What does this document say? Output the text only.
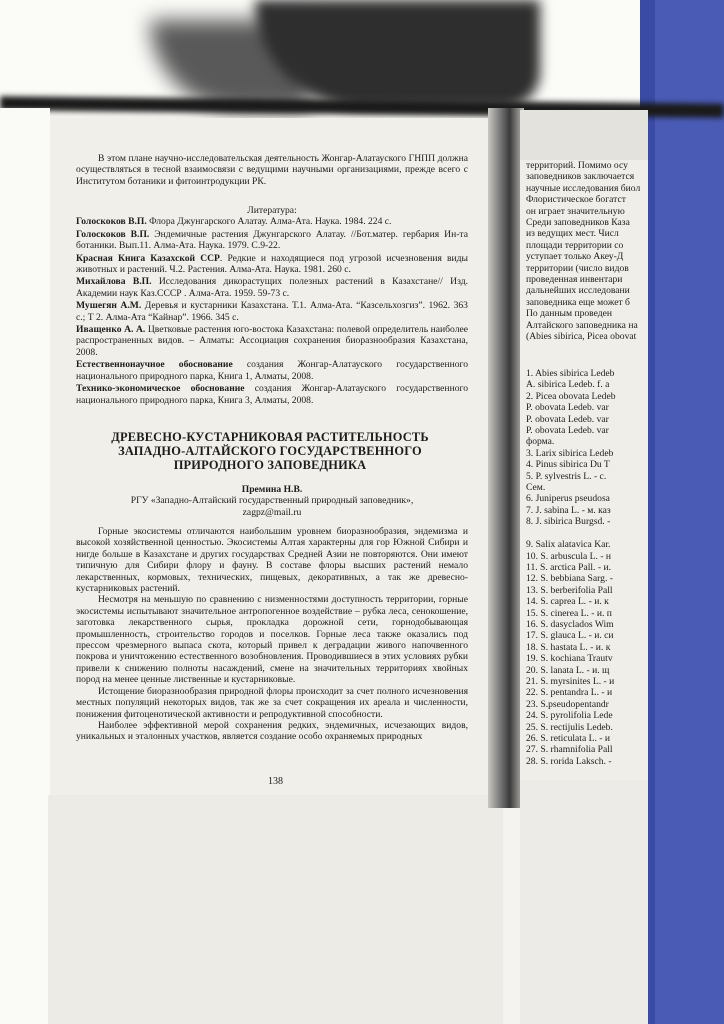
В этом плане научно-исследовательская деятельность Жонгар-Алатауского ГНПП должна осуществляться в тесной взаимосвязи с ведущими научными организациями, прежде всего с Институтом ботаники и фитоинтродукции РК.

Литература:

Голоскоков В.П. Флора Джунгарского Алатау. Алма-Ата. Наука. 1984. 224 с.

Голоскоков В.П. Эндемичные растения Джунгарского Алатау. //Бот.матер. гербария Ин-та ботаники. Вып.11. Алма-Ата. Наука. 1979. С.9-22.

Красная Книга Казахской ССР. Редкие и находящиеся под угрозой исчезновения виды животных и растений. Ч.2. Растения. Алма-Ата. Наука. 1981. 260 с.

Михайлова В.П. Исследования дикорастущих полезных растений в Казахстане// Изд. Академии наук Каз.СССР . Алма-Ата. 1959. 59-73 с.

Мушегян А.М. Деревья и кустарники Казахстана. Т.1. Алма-Ата. “Казсельхозгиз”. 1962. 363 с.; Т 2. Алма-Ата “Кайнар”. 1966. 345 с.

Иващенко А. А. Цветковые растения юго-востока Казахстана: полевой определитель наиболее распространенных видов. – Алматы: Ассоциация сохранения биоразнообразия Казахстана, 2008.

Естественнонаучное обоснование создания Жонгар-Алатауского государственного национального природного парка, Книга 1, Алматы, 2008.

Технико-экономическое обоснование создания Жонгар-Алатауского государственного национального природного парка, Книга 3, Алматы, 2008.

ДРЕВЕСНО-КУСТАРНИКОВАЯ РАСТИТЕЛЬНОСТЬ ЗАПАДНО-АЛТАЙСКОГО ГОСУДАРСТВЕННОГО ПРИРОДНОГО ЗАПОВЕДНИКА

Премина Н.В.

РГУ «Западно-Алтайский государственный природный заповедник»,

zagpz@mail.ru

Горные экосистемы отличаются наибольшим уровнем биоразнообразия, эндемизма и высокой хозяйственной ценностью. Экосистемы Алтая характерны для гор Южной Сибири и нигде больше в Казахстане и других государствах Средней Азии не повторяются. Они имеют типичную для Сибири флору и фауну. В составе флоры высших растений немало лекарственных, кормовых, технических, пищевых, декоративных, а так же древесно-кустарниковых растений.

Несмотря на меньшую по сравнению с низменностями доступность территории, горные экосистемы испытывают значительное антропогенное воздействие – рубка леса, сенокошение, заготовка лекарственного сырья, прокладка дорожной сети, горнодобывающая промышленность, строительство городов и поселков. Горные леса также оказались под прессом чрезмерного выпаса скота, который привел к деградации живого напочвенного покрова и уничтожению естественного возобновления. Проводившиеся в этих условиях рубки привели к снижению полноты насаждений, смене на значительных территориях хвойных пород на менее ценные лиственные и кустарниковые.

Истощение биоразнообразия природной флоры происходит за счет полного исчезновения местных популяций некоторых видов, так же за счет сокращения их ареала и численности, понижения фитоценотической активности и репродуктивной способности.

Наиболее эффективной мерой сохранения редких, эндемичных, исчезающих видов, уникальных и эталонных участков, является создание особо охраняемых природных

138

территорий. Помимо осу

заповедников заключается

научные исследования биол

Флористическое богатст

он играет значительную

Среди заповедников Каза

из ведущих мест. Числ

площади территории со

уступает только Акеу-Д

территории (число видов

проведенная инвентари

дальнейших исследовани

заповедника еще может б

По данным проведен

Алтайского заповедника на

(Abies sibirica, Picea obovat

1. Abies sibirica Ledeb

A. sibirica Ledeb. f. a

2. Picea obovata Ledeb

P. obovata Ledeb. var

P. obovata Ledeb. var

P. obovata Ledeb. var

форма.

3. Larix sibirica Ledeb

4. Pinus sibirica Du T

5. P. sylvestris L. - с.

Сем.

6. Juniperus pseudosa

7. J. sabina L. - м. каз

8. J. sibirica Burgsd. -

9. Salix alatavica Kar.

10. S. arbuscula L. - н

11. S. arctica Pall. - и.

12. S. bebbiana Sarg. -

13. S. berberifolia Pall

14. S. caprea L. - и. к

15. S. cinerea L. - и. п

16. S. dasyclados Wim

17. S. glauca L. - и. си

18. S. hastata L. - и. к

19. S. kochiana Trautv

20. S. lanata L. - и. щ

21. S. myrsinites L. - и

22. S. pentandra L. - и

23. S.pseudopentandr

24. S. pyrolifolia Lede

25. S. rectijulis Ledeb.

26. S. reticulata L. - и

27. S. rhamnifolia Pall

28. S. rorida Laksch. -
